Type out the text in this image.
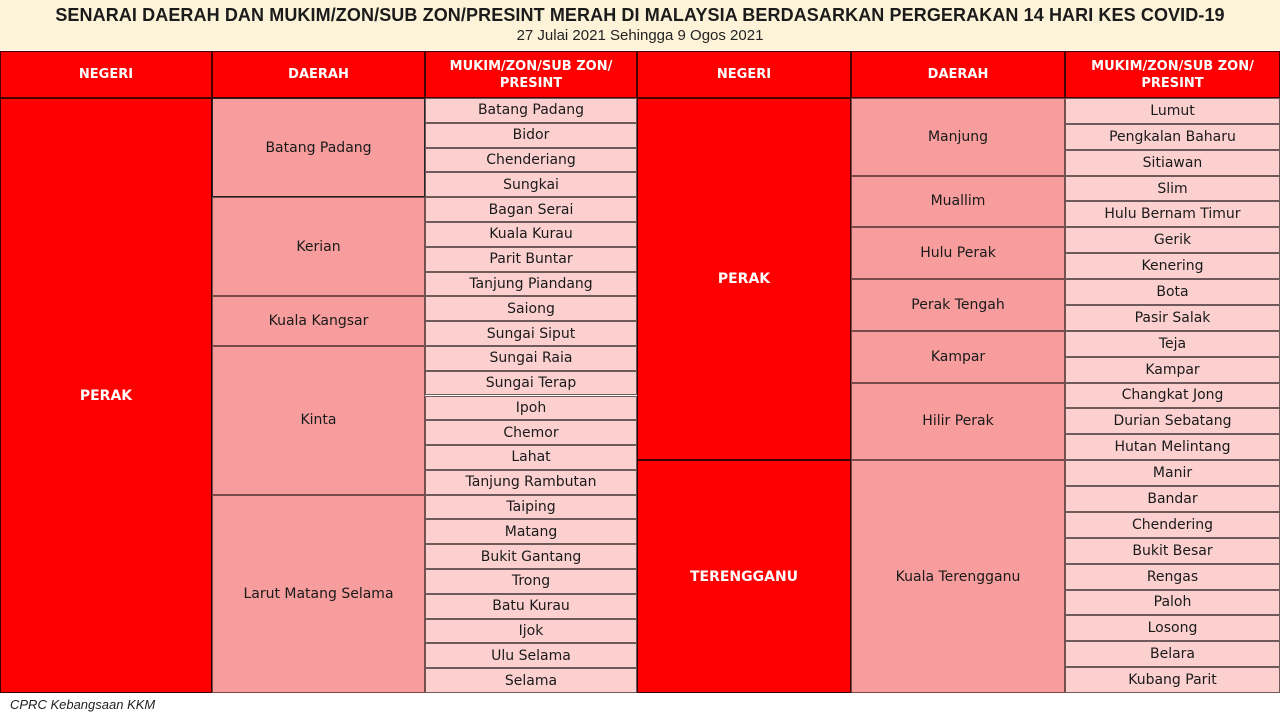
SENARAI DAERAH DAN MUKIM/ZON/SUB ZON/PRESINT MERAH DI MALAYSIA BERDASARKAN PERGERAKAN 14 HARI KES COVID-19
27 Julai 2021 Sehingga 9 Ogos 2021
NEGERI	DAERAH
MUKIM/ZON/SUB ZON/ PRESINT
Batang Padang
Bidor
Chenderiang
Sungkai
Batang Padang
Bagan Serai
Kuala Kurau
Parit Buntar
Tanjung Piandang
Kerian
Saiong
Sungai Siput
Kuala Kangsar
Sungai Raia
Sungai Terap
Ipoh
Chemor
Lahat
Tanjung Rambutan
Kinta
Taiping
Matang
Bukit Gantang
Trong
Batu Kurau
Ijok
Ulu Selama
Selama
Larut Matang Selama
PERAK
NEGERI	DAERAH
MUKIM/ZON/SUB ZON/ PRESINT
Lumut
Pengkalan Baharu
Sitiawan
Manjung
Slim
Hulu Bernam Timur
Muallim
Gerik
Kenering
Hulu Perak
Bota
Pasir Salak
Perak Tengah
Teja
Kampar
Kampar
Changkat Jong
Durian Sebatang
Hutan Melintang
Hilir Perak
PERAK
Manir
Bandar
Chendering
Bukit Besar
Rengas
Paloh
Losong
Belara
Kubang Parit
Kuala Terengganu
TERENGGANU
CPRC Kebangsaan KKM
